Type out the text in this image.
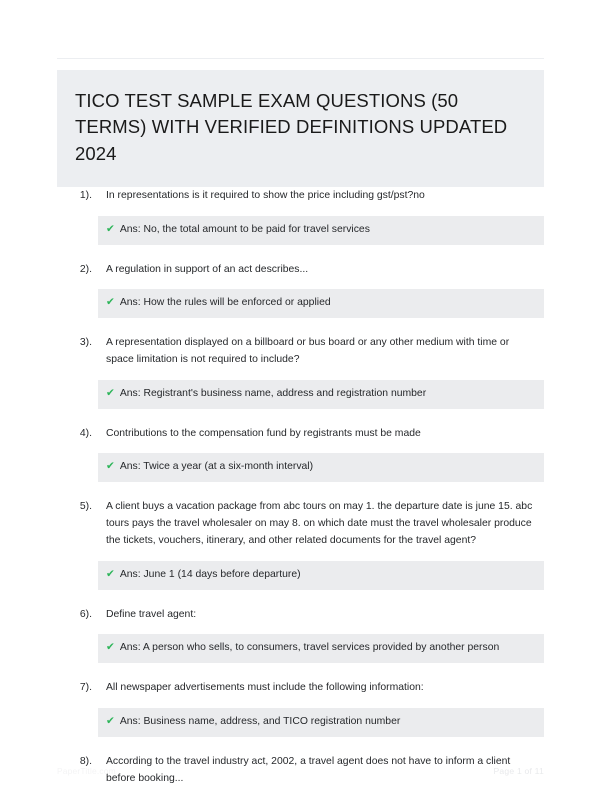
TICO TEST SAMPLE EXAM QUESTIONS (50 TERMS) WITH VERIFIED DEFINITIONS UPDATED 2024
1).	In representations is it required to show the price including gst/pst?no
✔ Ans: No, the total amount to be paid for travel services
2).	A regulation in support of an act describes...
✔ Ans: How the rules will be enforced or applied
3).	A representation displayed on a billboard or bus board or any other medium with time or space limitation is not required to include?
✔ Ans: Registrant's business name, address and registration number
4).	Contributions to the compensation fund by registrants must be made
✔ Ans: Twice a year (at a six-month interval)
5).	A client buys a vacation package from abc tours on may 1. the departure date is june 15. abc tours pays the travel wholesaler on may 8. on which date must the travel wholesaler produce the tickets, vouchers, itinerary, and other related documents for the travel agent?
✔ Ans: June 1 (14 days before departure)
6).	Define travel agent:
✔ Ans: A person who sells, to consumers, travel services provided by another person
7).	All newspaper advertisements must include the following information:
✔ Ans: Business name, address, and TICO registration number
8).	According to the travel industry act, 2002, a travel agent does not have to inform a client before booking...
PaperTitle.com	Page 1 of 11
